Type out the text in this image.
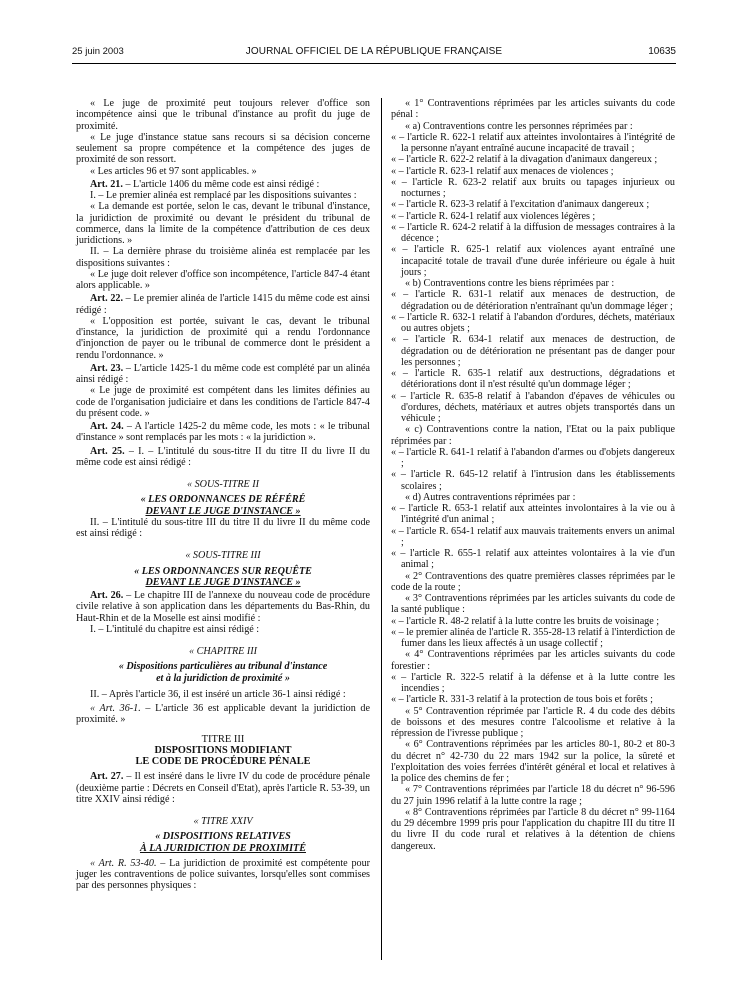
25 juin 2003	JOURNAL OFFICIEL DE LA RÉPUBLIQUE FRANÇAISE	10635

« Le juge de proximité peut toujours relever d'office son incompétence ainsi que le tribunal d'instance au profit du juge de proximité.

« Le juge d'instance statue sans recours si sa décision concerne seulement sa propre compétence et la compétence des juges de proximité de son ressort.

« Les articles 96 et 97 sont applicables. »

Art. 21. – L'article 1406 du même code est ainsi rédigé :

I. – Le premier alinéa est remplacé par les dispositions suivantes :

« La demande est portée, selon le cas, devant le tribunal d'instance, la juridiction de proximité ou devant le président du tribunal de commerce, dans la limite de la compétence d'attribution de ces deux juridictions. »

II. – La dernière phrase du troisième alinéa est remplacée par les dispositions suivantes :

« Le juge doit relever d'office son incompétence, l'article 847-4 étant alors applicable. »

Art. 22. – Le premier alinéa de l'article 1415 du même code est ainsi rédigé :

« L'opposition est portée, suivant le cas, devant le tribunal d'instance, la juridiction de proximité qui a rendu l'ordonnance d'injonction de payer ou le tribunal de commerce dont le président a rendu l'ordonnance. »

Art. 23. – L'article 1425-1 du même code est complété par un alinéa ainsi rédigé :

« Le juge de proximité est compétent dans les limites définies au code de l'organisation judiciaire et dans les conditions de l'article 847-4 du présent code. »

Art. 24. – A l'article 1425-2 du même code, les mots : « le tribunal d'instance » sont remplacés par les mots : « la juridiction ».

Art. 25. – I. – L'intitulé du sous-titre II du titre II du livre II du même code est ainsi rédigé :

« SOUS-TITRE II

« LES ORDONNANCES DE RÉFÉRÉ

DEVANT LE JUGE D'INSTANCE »

II. – L'intitulé du sous-titre III du titre II du livre II du même code est ainsi rédigé :

« SOUS-TITRE III

« LES ORDONNANCES SUR REQUÊTE

DEVANT LE JUGE D'INSTANCE »

Art. 26. – Le chapitre III de l'annexe du nouveau code de procédure civile relative à son application dans les départements du Bas-Rhin, du Haut-Rhin et de la Moselle est ainsi modifié :

I. – L'intitulé du chapitre est ainsi rédigé :

« CHAPITRE III

« Dispositions particulières au tribunal d'instance

et à la juridiction de proximité »

II. – Après l'article 36, il est inséré un article 36-1 ainsi rédigé :

« Art. 36-1. – L'article 36 est applicable devant la juridiction de proximité. »

TITRE III

DISPOSITIONS MODIFIANT

LE CODE DE PROCÉDURE PÉNALE

Art. 27. – Il est inséré dans le livre IV du code de procédure pénale (deuxième partie : Décrets en Conseil d'Etat), après l'article R. 53-39, un titre XXIV ainsi rédigé :

« TITRE XXIV

« DISPOSITIONS RELATIVES

À LA JURIDICTION DE PROXIMITÉ

« Art. R. 53-40. – La juridiction de proximité est compétente pour juger les contraventions de police suivantes, lorsqu'elles sont commises par des personnes physiques :

« 1° Contraventions réprimées par les articles suivants du code pénal :

« a) Contraventions contre les personnes réprimées par :

« – l'article R. 622-1 relatif aux atteintes involontaires à l'intégrité de la personne n'ayant entraîné aucune incapacité de travail ;

« – l'article R. 622-2 relatif à la divagation d'animaux dangereux ;

« – l'article R. 623-1 relatif aux menaces de violences ;

« – l'article R. 623-2 relatif aux bruits ou tapages injurieux ou nocturnes ;

« – l'article R. 623-3 relatif à l'excitation d'animaux dangereux ;

« – l'article R. 624-1 relatif aux violences légères ;

« – l'article R. 624-2 relatif à la diffusion de messages contraires à la décence ;

« – l'article R. 625-1 relatif aux violences ayant entraîné une incapacité totale de travail d'une durée inférieure ou égale à huit jours ;

« b) Contraventions contre les biens réprimées par :

« – l'article R. 631-1 relatif aux menaces de destruction, de dégradation ou de détérioration n'entraînant qu'un dommage léger ;

« – l'article R. 632-1 relatif à l'abandon d'ordures, déchets, matériaux ou autres objets ;

« – l'article R. 634-1 relatif aux menaces de destruction, de dégradation ou de détérioration ne présentant pas de danger pour les personnes ;

« – l'article R. 635-1 relatif aux destructions, dégradations et détériorations dont il n'est résulté qu'un dommage léger ;

« – l'article R. 635-8 relatif à l'abandon d'épaves de véhicules ou d'ordures, déchets, matériaux et autres objets transportés dans un véhicule ;

« c) Contraventions contre la nation, l'Etat ou la paix publique réprimées par :

« – l'article R. 641-1 relatif à l'abandon d'armes ou d'objets dangereux ;

« – l'article R. 645-12 relatif à l'intrusion dans les établissements scolaires ;

« d) Autres contraventions réprimées par :

« – l'article R. 653-1 relatif aux atteintes involontaires à la vie ou à l'intégrité d'un animal ;

« – l'article R. 654-1 relatif aux mauvais traitements envers un animal ;

« – l'article R. 655-1 relatif aux atteintes volontaires à la vie d'un animal ;

« 2° Contraventions des quatre premières classes réprimées par le code de la route ;

« 3° Contraventions réprimées par les articles suivants du code de la santé publique :

« – l'article R. 48-2 relatif à la lutte contre les bruits de voisinage ;

« – le premier alinéa de l'article R. 355-28-13 relatif à l'interdiction de fumer dans les lieux affectés à un usage collectif ;

« 4° Contraventions réprimées par les articles suivants du code forestier :

« – l'article R. 322-5 relatif à la défense et à la lutte contre les incendies ;

« – l'article R. 331-3 relatif à la protection de tous bois et forêts ;

« 5° Contravention réprimée par l'article R. 4 du code des débits de boissons et des mesures contre l'alcoolisme et relative à la répression de l'ivresse publique ;

« 6° Contraventions réprimées par les articles 80-1, 80-2 et 80-3 du décret n° 42-730 du 22 mars 1942 sur la police, la sûreté et l'exploitation des voies ferrées d'intérêt général et local et relatives à la police des chemins de fer ;

« 7° Contraventions réprimées par l'article 18 du décret n° 96-596 du 27 juin 1996 relatif à la lutte contre la rage ;

« 8° Contraventions réprimées par l'article 8 du décret n° 99-1164 du 29 décembre 1999 pris pour l'application du chapitre III du titre II du livre II du code rural et relatives à la détention de chiens dangereux.
